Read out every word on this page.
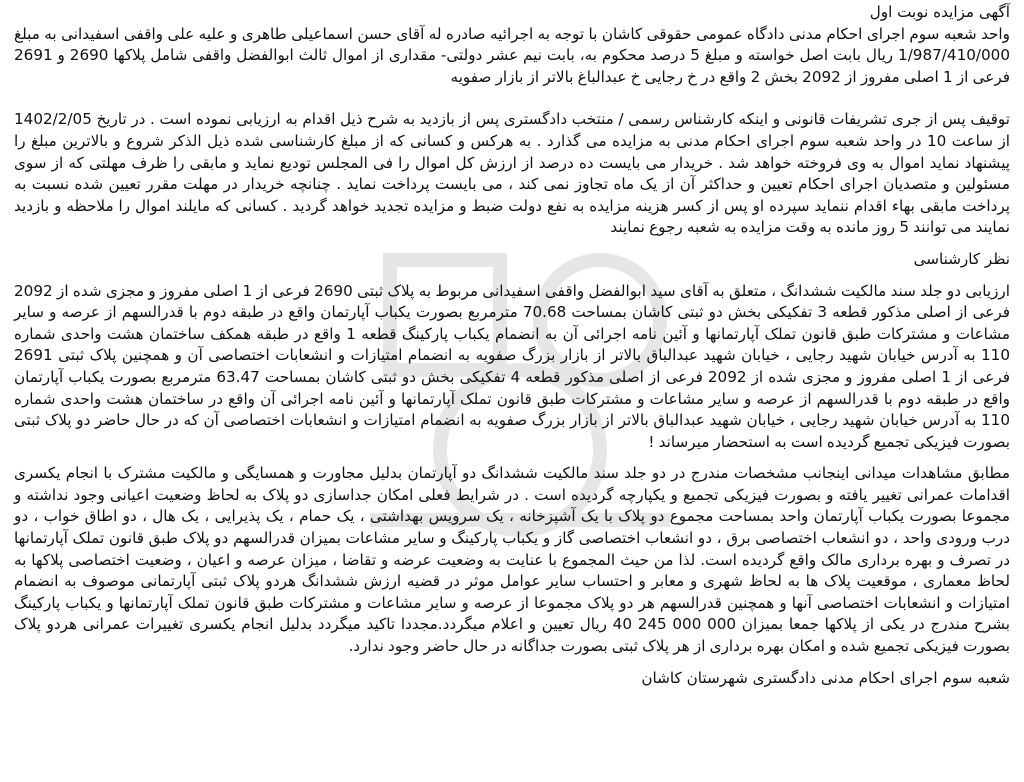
آگهی مزایده نوبت اول

واحد شعبه سوم اجرای احکام مدنی دادگاه عمومی حقوقی کاشان با توجه به اجرائیه صادره له آقای حسن اسماعیلی طاهری و علیه علی واقفی اسفیدانی به مبلغ 1/987/410/000 ریال بابت اصل خواسته و مبلغ 5 درصد محکوم به، بابت نیم عشر دولتی- مقداری از اموال ثالث ابوالفضل واقفی شامل پلاکها 2690 و 2691 فرعی از 1 اصلی مفروز از 2092 بخش 2 واقع در خ رجایی خ عبدالباغ بالاتر از بازار صفویه

توقیف پس از جری تشریفات قانونی و اینکه کارشناس رسمی / منتخب دادگستری پس از بازدید به شرح ذیل اقدام به ارزیابی نموده است . در تاریخ 1402/2/05 از ساعت 10 در واحد شعبه سوم اجرای احکام مدنی به مزایده می گذارد . به هرکس و کسانی که از مبلغ کارشناسی شده ذیل الذکر شروع و بالاترین مبلغ را پیشنهاد نماید اموال به وی فروخته خواهد شد . خریدار می بایست ده درصد از ارزش کل اموال را فی المجلس تودیع نماید و مابقی را ظرف مهلتی که از سوی مسئولین و متصدیان اجرای احکام تعیین و حداکثر آن از یک ماه تجاوز نمی کند ، می بایست پرداخت نماید . چنانچه خریدار در مهلت مقرر تعیین شده نسبت به پرداخت مابقی بهاء اقدام ننماید سپرده او پس از کسر هزینه مزایده به نفع دولت ضبط و مزایده تجدید خواهد گردید . کسانی که مایلند اموال را ملاحظه و بازدید نمایند می توانند 5 روز مانده به وقت مزایده به شعبه رجوع نمایند

نظر کارشناسی

ارزیابی دو جلد سند مالکیت ششدانگ ، متعلق به آقای سید ابوالفضل واقفی اسفیدانی مربوط به پلاک ثبتی 2690 فرعی از 1 اصلی مفروز و مجزی شده از 2092 فرعی از اصلی مذکور قطعه 3 تفکیکی بخش دو ثبتی کاشان بمساحت 70.68 مترمربع بصورت یکباب آپارتمان واقع در طبقه دوم با قدرالسهم از عرصه و سایر مشاعات و مشترکات طبق قانون تملک آپارتمانها و آئین نامه اجرائی آن به انضمام یکباب پارکینگ قطعه 1 واقع در طبقه همکف ساختمان هشت واحدی شماره 110 به آدرس خیابان شهید رجایی ، خیابان شهید عبدالباق بالاتر از بازار بزرگ صفویه به انضمام امتیازات و انشعابات اختصاصی آن و همچنین پلاک ثبتی 2691 فرعی از 1 اصلی مفروز و مجزی شده از 2092 فرعی از اصلی مذکور قطعه 4 تفکیکی بخش دو ثبتی کاشان بمساحت 63.47 مترمربع بصورت یکباب آپارتمان واقع در طبقه دوم با قدرالسهم از عرصه و سایر مشاعات و مشترکات طبق قانون تملک آپارتمانها و آئین نامه اجرائی آن واقع در ساختمان هشت واحدی شماره 110 به آدرس خیابان شهید رجایی ، خیابان شهید عبدالباق بالاتر از بازار بزرگ صفویه به انضمام امتیازات و انشعابات اختصاصی آن که در حال حاضر دو پلاک ثبتی بصورت فیزیکی تجمیع گردیده است به استحضار میرساند !

مطابق مشاهدات میدانی اینجانب مشخصات مندرج در دو جلد سند مالکیت ششدانگ دو آپارتمان بدلیل مجاورت و همسایگی و مالکیت مشترک با انجام یکسری اقدامات عمرانی تغییر یافته و بصورت فیزیکی تجمیع و یکپارچه گردیده است . در شرایط فعلی امکان جداسازی دو پلاک به لحاظ وضعیت اعیانی وجود نداشته و مجموعا بصورت یکباب آپارتمان واحد بمساحت مجموع دو پلاک با یک آشپزخانه ، یک سرویس بهداشتی ، یک حمام ، یک پذیرایی ، یک هال ، دو اطاق خواب ، دو درب ورودی واحد ، دو انشعاب اختصاصی برق ، دو انشعاب اختصاصی گاز و یکباب پارکینگ و سایر مشاعات بمیزان قدرالسهم دو پلاک طبق قانون تملک آپارتمانها در تصرف و بهره برداری مالک واقع گردیده است. لذا من حیث المجموع با عنایت به وضعیت عرضه و تقاضا ، میزان عرصه و اعیان ، وضعیت اختصاصی پلاکها به لحاظ معماری ، موقعیت پلاک ها به لحاظ شهری و معابر و احتساب سایر عوامل موثر در قضیه ارزش ششدانگ هردو پلاک ثبتی آپارتمانی موصوف به انضمام امتیازات و انشعابات اختصاصی آنها و همچنین قدرالسهم هر دو پلاک مجموعا از عرصه و سایر مشاعات و مشترکات طبق قانون تملک آپارتمانها و یکباب پارکینگ بشرح مندرج در یکی از پلاکها جمعا بمیزان 000 000 245 40 ریال تعیین و اعلام میگردد.مجددا تاکید میگردد بدلیل انجام یکسری تغییرات عمرانی هردو پلاک بصورت فیزیکی تجمیع شده و امکان بهره برداری از هر پلاک ثبتی بصورت جداگانه در حال حاضر وجود ندارد.

شعبه سوم اجرای احکام مدنی دادگستری شهرستان کاشان
